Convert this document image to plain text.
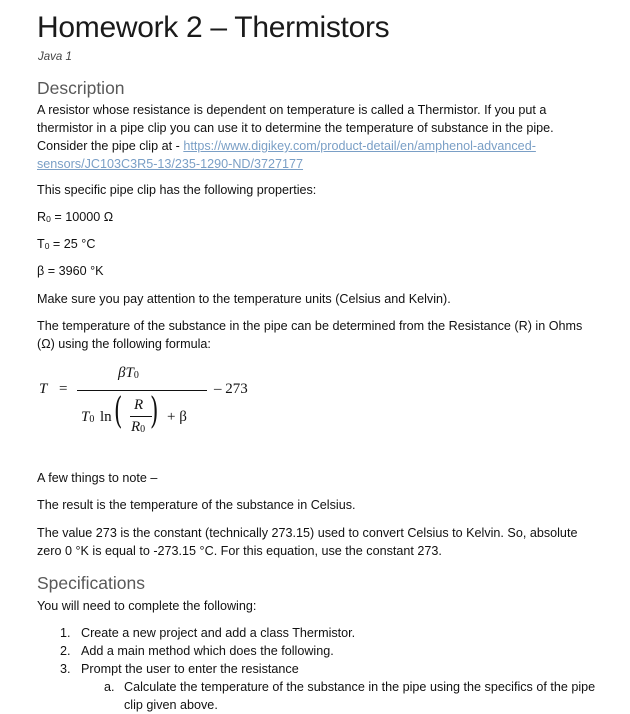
Homework 2 – Thermistors
Java 1
Description
A resistor whose resistance is dependent on temperature is called a Thermistor. If you put a thermistor in a pipe clip you can use it to determine the temperature of substance in the pipe. Consider the pipe clip at - https://www.digikey.com/product-detail/en/amphenol-advanced-sensors/JC103C3R5-13/235-1290-ND/3727177
This specific pipe clip has the following properties:
$R_0 = 10000$ Ω
$T_0 = 25$ °C
β = 3960 °K
Make sure you pay attention to the temperature units (Celsius and Kelvin).
The temperature of the substance in the pipe can be determined from the Resistance (R) in Ohms (Ω) using the following formula:
T =
$\beta T_0$
$T_0$ ln ( R
$R_0$ ) + β
– 273
A few things to note –
The result is the temperature of the substance in Celsius.
The value 273 is the constant (technically 273.15) used to convert Celsius to Kelvin. So, absolute zero 0 °K is equal to -273.15 °C. For this equation, use the constant 273.
Specifications
You will need to complete the following:
1. Create a new project and add a class Thermistor.
2. Add a main method which does the following.
3. Prompt the user to enter the resistance
a. Calculate the temperature of the substance in the pipe using the specifics of the pipe clip given above.
